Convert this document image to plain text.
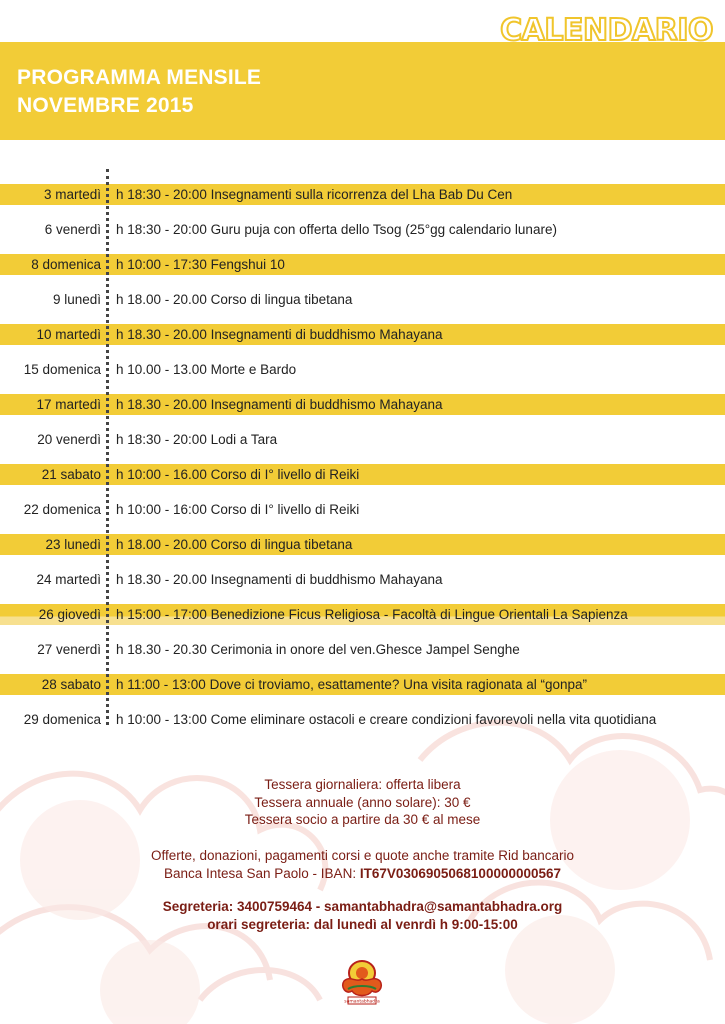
CALENDARIO
PROGRAMMA MENSILE
NOVEMBRE 2015
3 martedì h 18:30 - 20:00 Insegnamenti sulla ricorrenza del Lha Bab Du Cen
6 venerdì h 18:30 - 20:00 Guru puja con offerta dello Tsog (25°gg calendario lunare)
8 domenica h 10:00 - 17:30 Fengshui 10
9 lunedì h 18.00 - 20.00 Corso di lingua tibetana
10 martedì h 18.30 - 20.00 Insegnamenti di buddhismo Mahayana
15 domenica h 10.00 - 13.00 Morte e Bardo
17 martedì h 18.30 - 20.00 Insegnamenti di buddhismo Mahayana
20 venerdì h 18:30 - 20:00 Lodi a Tara
21 sabato h 10:00 - 16.00 Corso di I° livello di Reiki
22 domenica h 10:00 - 16:00 Corso di I° livello di Reiki
23 lunedì h 18.00 - 20.00 Corso di lingua tibetana
24 martedì h 18.30 - 20.00 Insegnamenti di buddhismo Mahayana
26 giovedì h 15:00 - 17:00 Benedizione Ficus Religiosa - Facoltà di Lingue Orientali La Sapienza
27 venerdì h 18.30 - 20.30 Cerimonia in onore del ven.Ghesce Jampel Senghe
28 sabato h 11:00 - 13:00 Dove ci troviamo, esattamente? Una visita ragionata al “gonpa”
29 domenica h 10:00 - 13:00 Come eliminare ostacoli e creare condizioni favorevoli nella vita quotidiana
Tessera giornaliera: offerta libera
Tessera annuale (anno solare): 30 €
Tessera socio a partire da 30 € al mese
Offerte, donazioni, pagamenti corsi e quote anche tramite Rid bancario
Banca Intesa San Paolo - IBAN: IT67V0306905068100000000567
Segreteria: 3400759464 - samantabhadra@samantabhadra.org
orari segreteria: dal lunedì al venrdì h 9:00-15:00
samantabhadra
